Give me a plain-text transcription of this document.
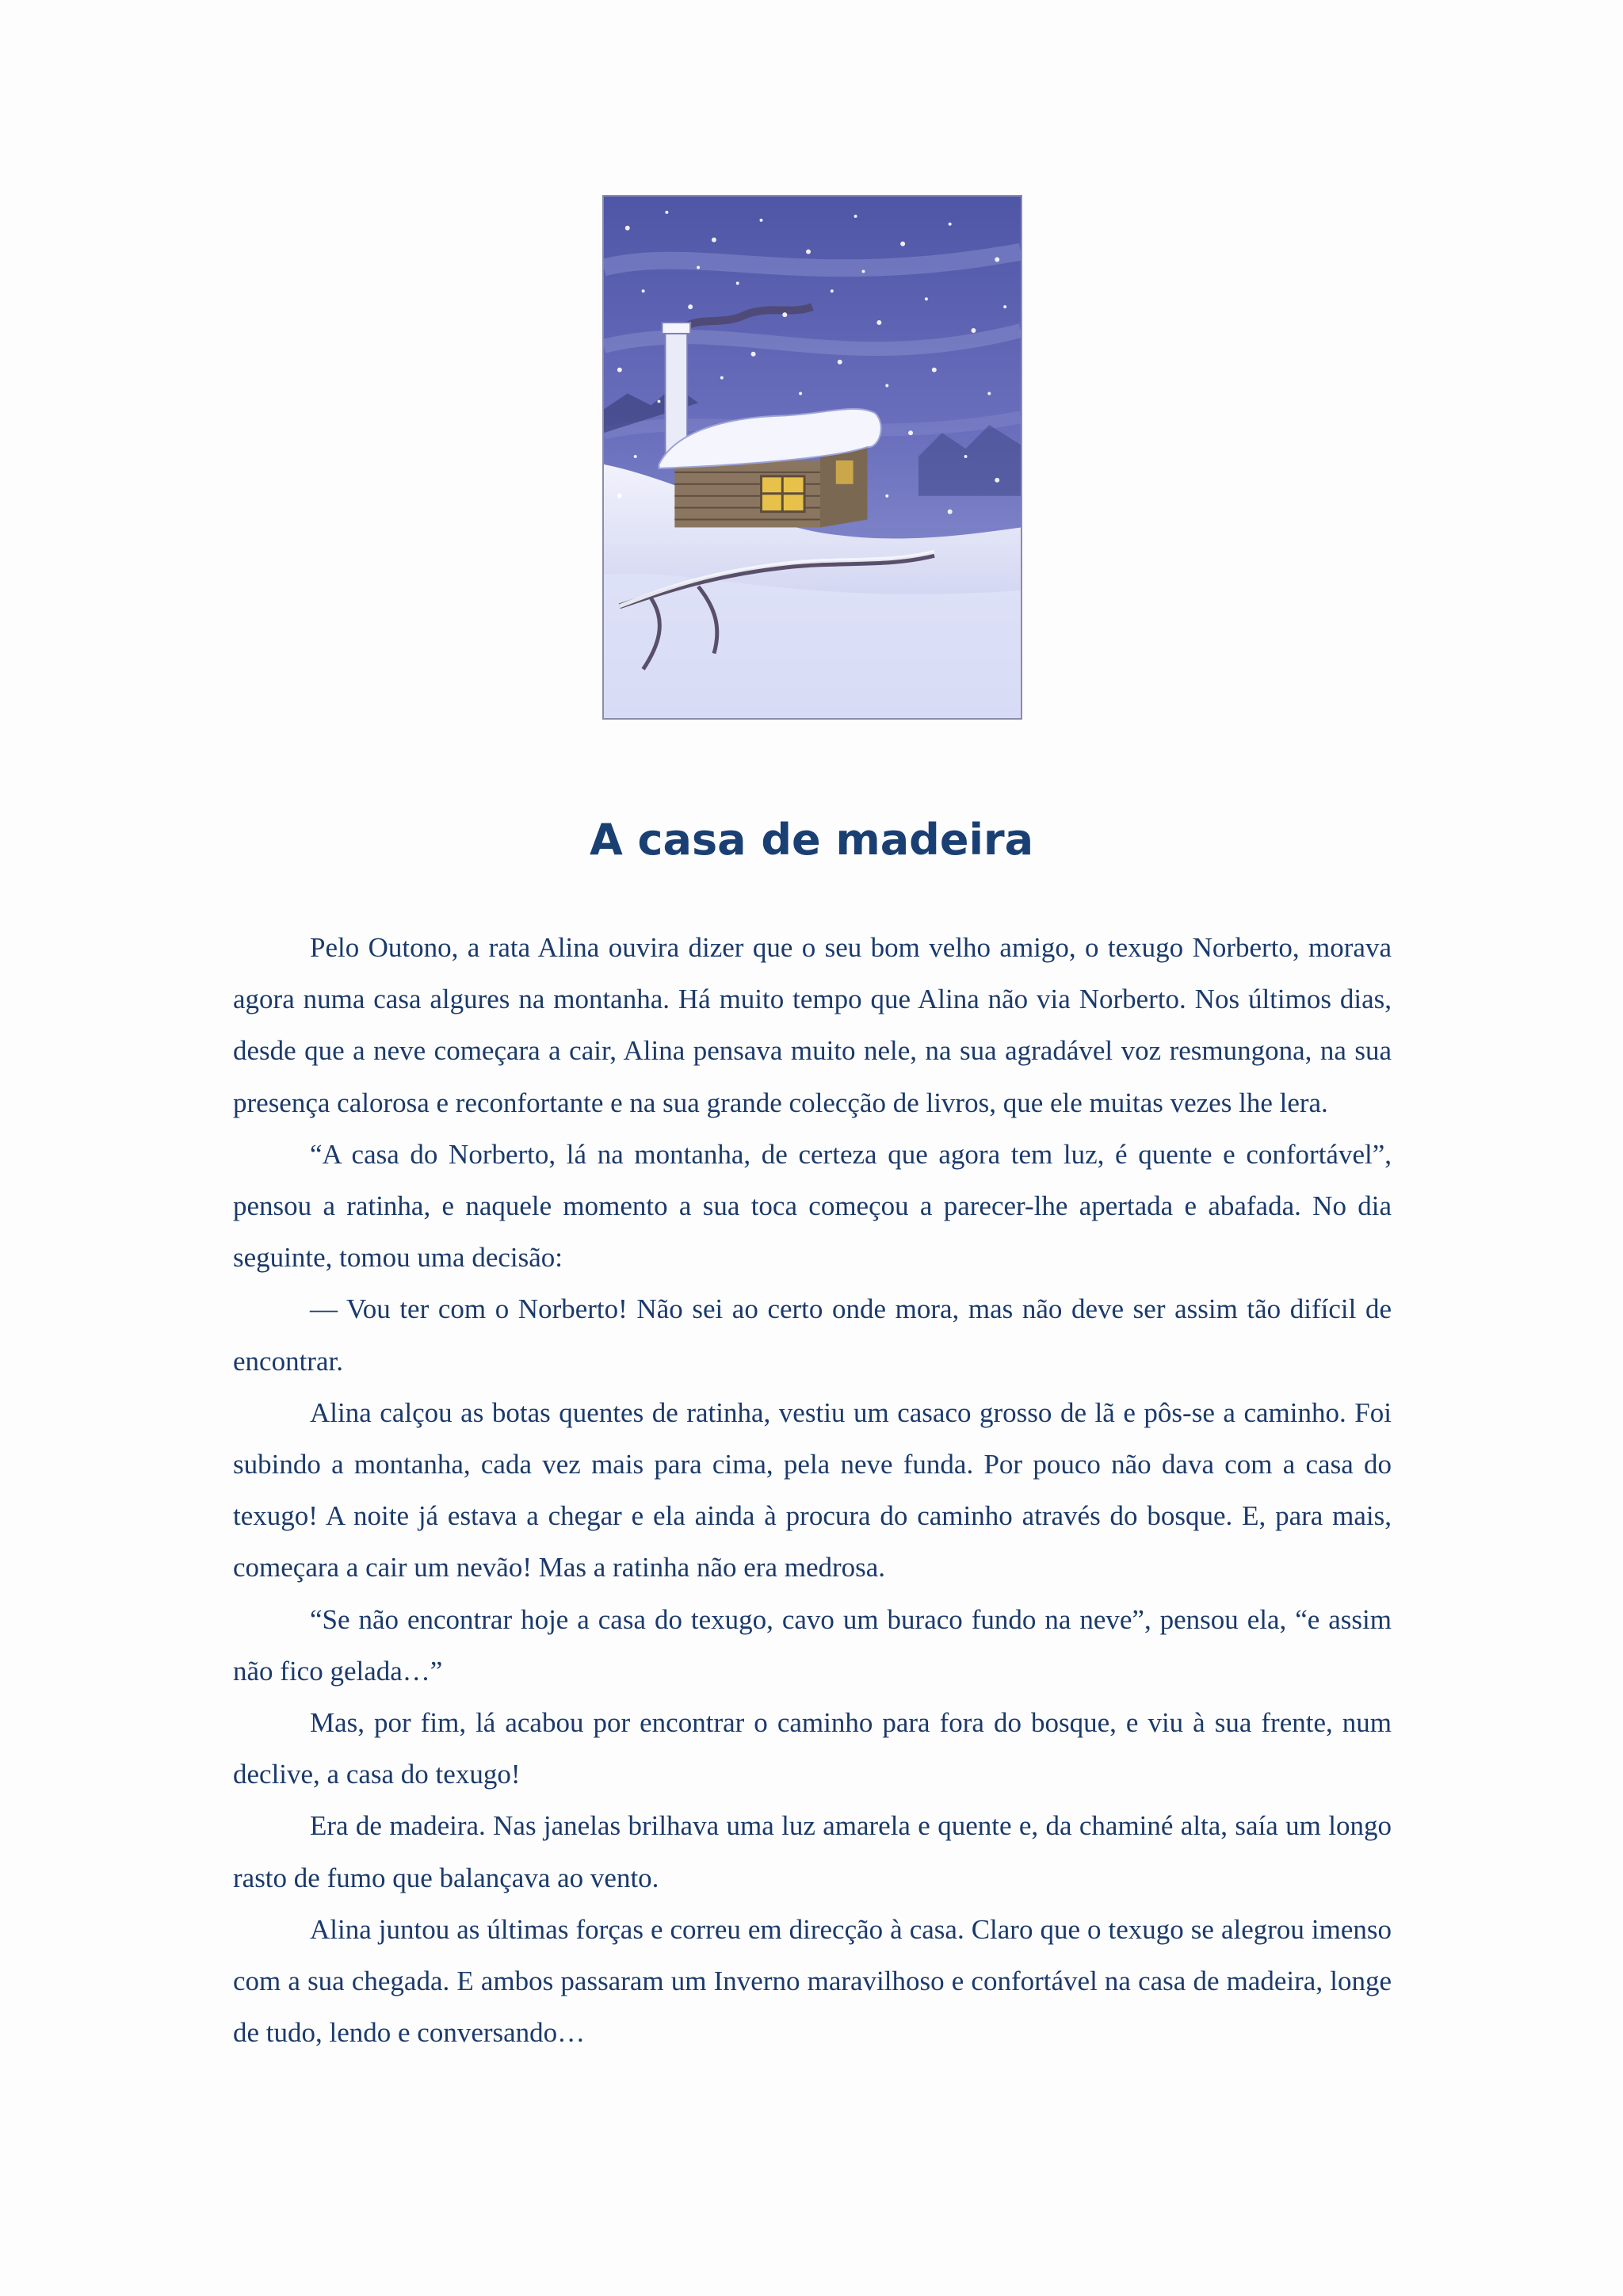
A casa de madeira

Pelo Outono, a rata Alina ouvira dizer que o seu bom velho amigo, o texugo Norberto, morava agora numa casa algures na montanha. Há muito tempo que Alina não via Norberto. Nos últimos dias, desde que a neve começara a cair, Alina pensava muito nele, na sua agradável voz resmungona, na sua presença calorosa e reconfortante e na sua grande colecção de livros, que ele muitas vezes lhe lera.

“A casa do Norberto, lá na montanha, de certeza que agora tem luz, é quente e confortável”, pensou a ratinha, e naquele momento a sua toca começou a parecer-lhe apertada e abafada. No dia seguinte, tomou uma decisão:

— Vou ter com o Norberto! Não sei ao certo onde mora, mas não deve ser assim tão difícil de encontrar.

Alina calçou as botas quentes de ratinha, vestiu um casaco grosso de lã e pôs-se a caminho. Foi subindo a montanha, cada vez mais para cima, pela neve funda. Por pouco não dava com a casa do texugo! A noite já estava a chegar e ela ainda à procura do caminho através do bosque. E, para mais, começara a cair um nevão! Mas a ratinha não era medrosa.

“Se não encontrar hoje a casa do texugo, cavo um buraco fundo na neve”, pensou ela, “e assim não fico gelada…”

Mas, por fim, lá acabou por encontrar o caminho para fora do bosque, e viu à sua frente, num declive, a casa do texugo!

Era de madeira. Nas janelas brilhava uma luz amarela e quente e, da chaminé alta, saía um longo rasto de fumo que balançava ao vento.

Alina juntou as últimas forças e correu em direcção à casa. Claro que o texugo se alegrou imenso com a sua chegada. E ambos passaram um Inverno maravilhoso e confortável na casa de madeira, longe de tudo, lendo e conversando…
